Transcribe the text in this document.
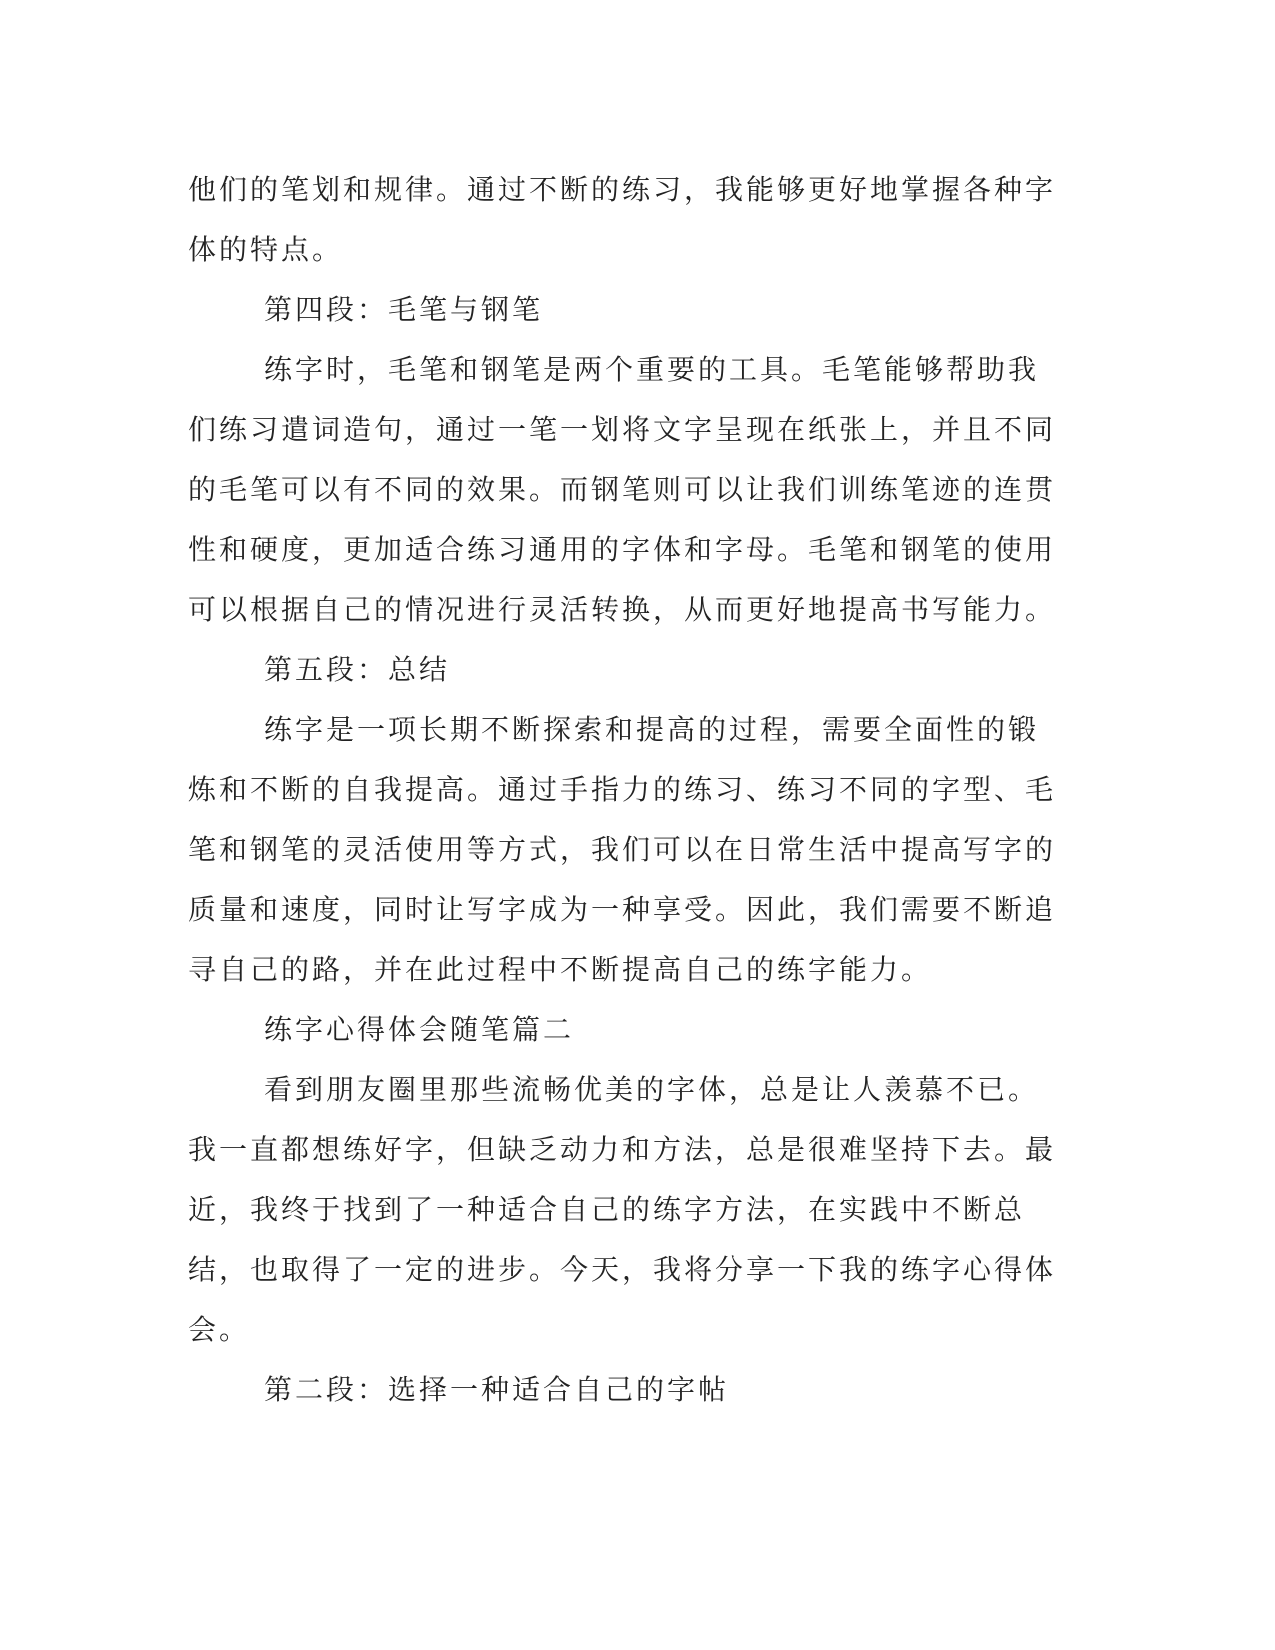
他们的笔划和规律。通过不断的练习，我能够更好地掌握各种字体的特点。

第四段：毛笔与钢笔

练字时，毛笔和钢笔是两个重要的工具。毛笔能够帮助我们练习遣词造句，通过一笔一划将文字呈现在纸张上，并且不同的毛笔可以有不同的效果。而钢笔则可以让我们训练笔迹的连贯性和硬度，更加适合练习通用的字体和字母。毛笔和钢笔的使用可以根据自己的情况进行灵活转换，从而更好地提高书写能力。

第五段：总结

练字是一项长期不断探索和提高的过程，需要全面性的锻炼和不断的自我提高。通过手指力的练习、练习不同的字型、毛笔和钢笔的灵活使用等方式，我们可以在日常生活中提高写字的质量和速度，同时让写字成为一种享受。因此，我们需要不断追寻自己的路，并在此过程中不断提高自己的练字能力。

练字心得体会随笔篇二

看到朋友圈里那些流畅优美的字体，总是让人羡慕不已。我一直都想练好字，但缺乏动力和方法，总是很难坚持下去。最近，我终于找到了一种适合自己的练字方法，在实践中不断总结，也取得了一定的进步。今天，我将分享一下我的练字心得体会。

第二段：选择一种适合自己的字帖
